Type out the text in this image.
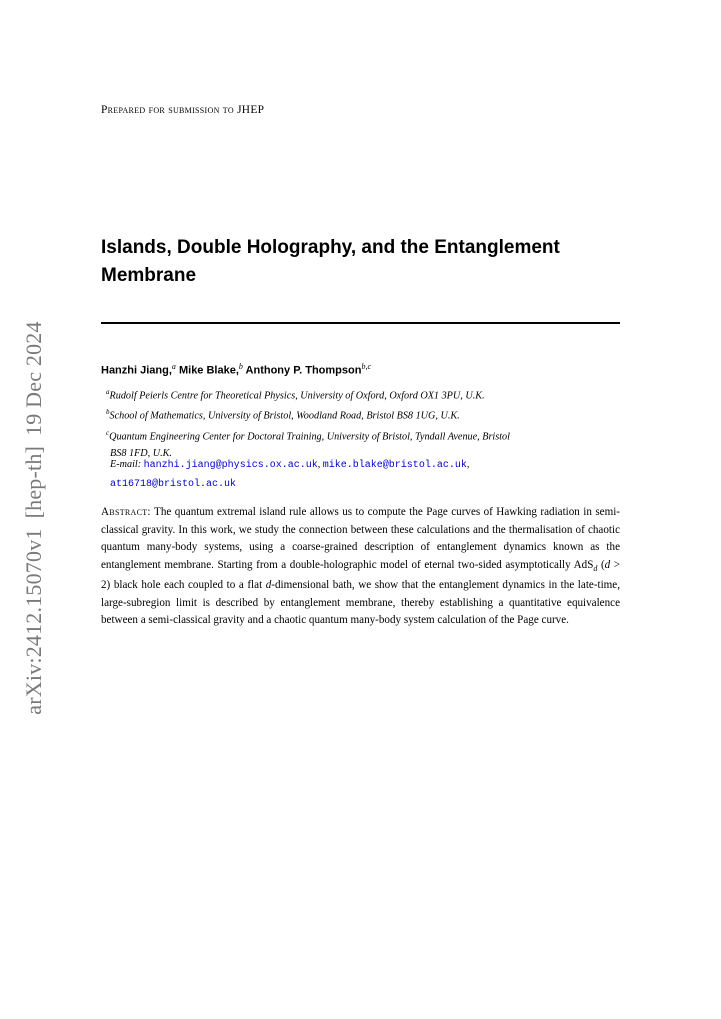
arXiv:2412.15070v1[hep-th]19 Dec 2024
Prepared for submission to JHEP
Islands, Double Holography, and the Entanglement
Membrane
Hanzhi Jiang,$^a$ Mike Blake,$^b$ Anthony P. Thompson$^{b,c}$
$^a$Rudolf Peierls Centre for Theoretical Physics, University of Oxford, Oxford OX1 3PU, U.K.
$^b$School of Mathematics, University of Bristol, Woodland Road, Bristol BS8 1UG, U.K.
$^c$Quantum Engineering Center for Doctoral Training, University of Bristol, Tyndall Avenue, Bristol
BS8 1FD, U.K.
E-mail: hanzhi.jiang@physics.ox.ac.uk, mike.blake@bristol.ac.uk,
at16718@bristol.ac.uk
Abstract: The quantum extremal island rule allows us to compute the Page curves of Hawking radiation in semi-classical gravity. In this work, we study the connection between these calculations and the thermalisation of chaotic quantum many-body systems, using a coarse-grained description of entanglement dynamics known as the entanglement membrane. Starting from a double-holographic model of eternal two-sided asymptotically AdS$_d$ (d > 2) black hole each coupled to a flat d-dimensional bath, we show that the entanglement dynamics in the late-time, large-subregion limit is described by entanglement membrane, thereby establishing a quantitative equivalence between a semi-classical gravity and a chaotic quantum many-body system calculation of the Page curve.
